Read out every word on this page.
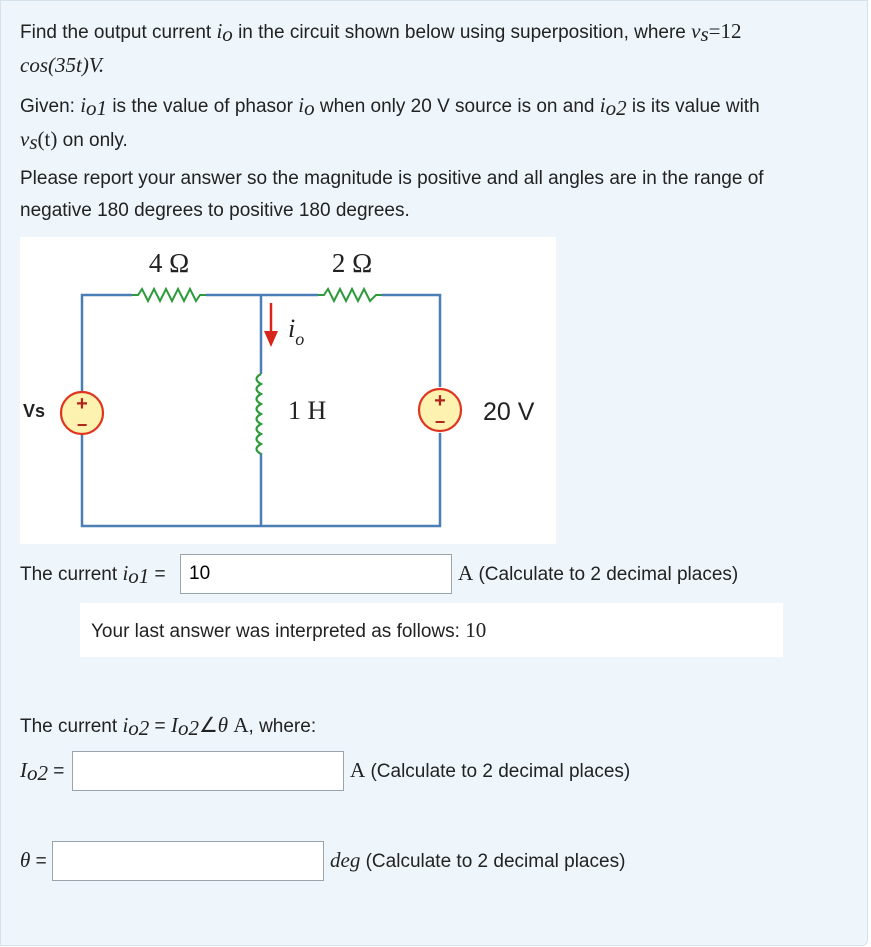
Find the output current $i_o$ in the circuit shown below using superposition, where $v_s=12$
cos(35t)V.

Given: $i_{o1}$ is the value of phasor $i_o$ when only 20 V source is on and $i_{o2}$ is its value with
$v_s(t)$ on only.

Please report your answer so the magnitude is positive and all angles are in the range of negative 180 degrees to positive 180 degrees.

+
−
+
−
4 Ω	2 Ω
1 H
$i_o$
Vs	20 V
The current $i_{o1}$ =
10	A (Calculate to 2 decimal places)
Your last answer was interpreted as follows: 10
The current $i_{o2}$ = $I_{o2}\angle\theta$ A, where:
$I_{o2}$ =	A (Calculate to 2 decimal places)
θ =	deg (Calculate to 2 decimal places)
